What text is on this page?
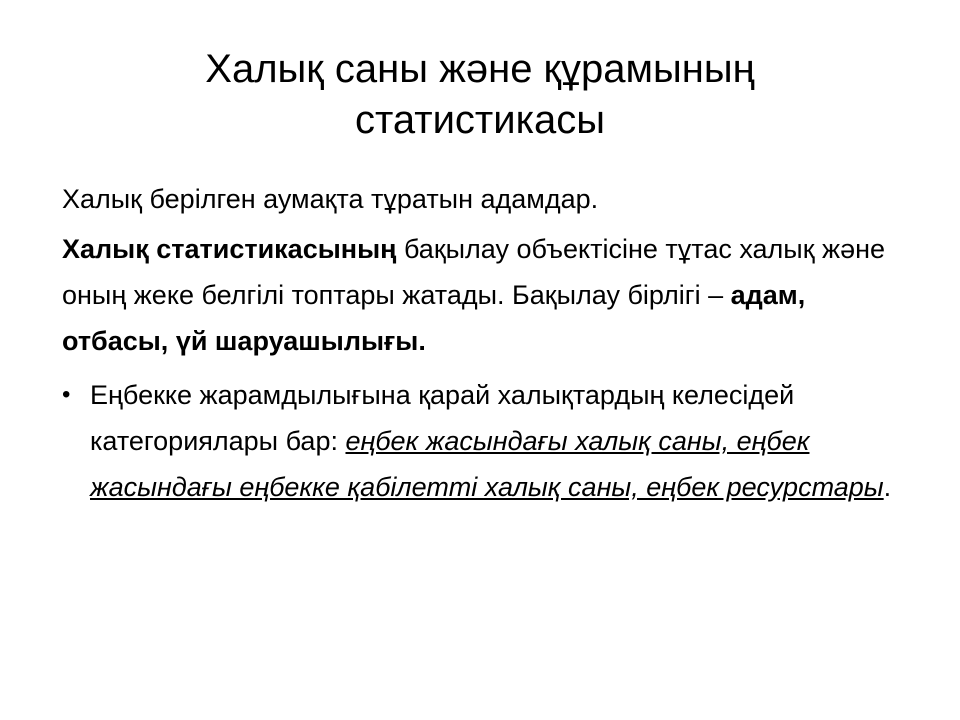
Халық саны және құрамының
статистикасы

Халық берілген аумақта тұратын адамдар.

Халық статистикасының бақылау объектісіне тұтас халық және оның жеке белгілі топтары жатады. Бақылау бірлігі – адам, отбасы, үй шаруашылығы.

• Еңбекке жарамдылығына қарай халықтардың келесідей категориялары бар: еңбек жасындағы халық саны, еңбек жасындағы еңбекке қабілетті халық саны, еңбек ресурстары.
